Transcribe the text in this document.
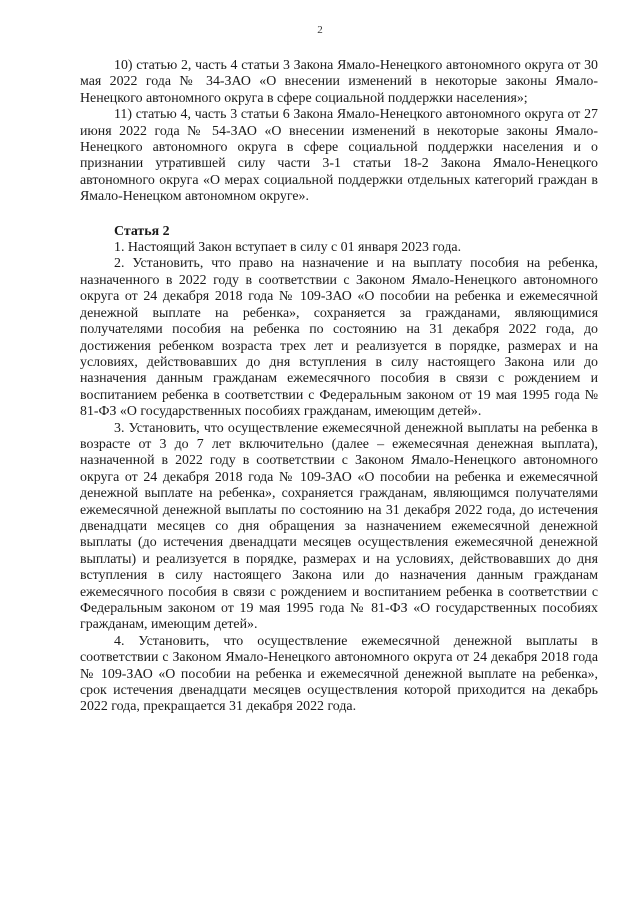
2

10) статью 2, часть 4 статьи 3 Закона Ямало-Ненецкого автономного округа от 30 мая 2022 года № 34-ЗАО «О внесении изменений в некоторые законы Ямало-Ненецкого автономного округа в сфере социальной поддержки населения»;

11) статью 4, часть 3 статьи 6 Закона Ямало-Ненецкого автономного округа от 27 июня 2022 года № 54-ЗАО «О внесении изменений в некоторые законы Ямало-Ненецкого автономного округа в сфере социальной поддержки населения и о признании утратившей силу части 3-1 статьи 18-2 Закона Ямало-Ненецкого автономного округа «О мерах социальной поддержки отдельных категорий граждан в Ямало-Ненецком автономном округе».

Статья 2

1. Настоящий Закон вступает в силу с 01 января 2023 года.

2. Установить, что право на назначение и на выплату пособия на ребенка, назначенного в 2022 году в соответствии с Законом Ямало-Ненецкого автономного округа от 24 декабря 2018 года № 109-ЗАО «О пособии на ребенка и ежемесячной денежной выплате на ребенка», сохраняется за гражданами, являющимися получателями пособия на ребенка по состоянию на 31 декабря 2022 года, до достижения ребенком возраста трех лет и реализуется в порядке, размерах и на условиях, действовавших до дня вступления в силу настоящего Закона или до назначения данным гражданам ежемесячного пособия в связи с рождением и воспитанием ребенка в соответствии с Федеральным законом от 19 мая 1995 года № 81-ФЗ «О государственных пособиях гражданам, имеющим детей».

3. Установить, что осуществление ежемесячной денежной выплаты на ребенка в возрасте от 3 до 7 лет включительно (далее – ежемесячная денежная выплата), назначенной в 2022 году в соответствии с Законом Ямало-Ненецкого автономного округа от 24 декабря 2018 года № 109-ЗАО «О пособии на ребенка и ежемесячной денежной выплате на ребенка», сохраняется гражданам, являющимся получателями ежемесячной денежной выплаты по состоянию на 31 декабря 2022 года, до истечения двенадцати месяцев со дня обращения за назначением ежемесячной денежной выплаты (до истечения двенадцати месяцев осуществления ежемесячной денежной выплаты) и реализуется в порядке, размерах и на условиях, действовавших до дня вступления в силу настоящего Закона или до назначения данным гражданам ежемесячного пособия в связи с рождением и воспитанием ребенка в соответствии с Федеральным законом от 19 мая 1995 года № 81-ФЗ «О государственных пособиях гражданам, имеющим детей».

4. Установить, что осуществление ежемесячной денежной выплаты в соответствии с Законом Ямало-Ненецкого автономного округа от 24 декабря 2018 года № 109-ЗАО «О пособии на ребенка и ежемесячной денежной выплате на ребенка», срок истечения двенадцати месяцев осуществления которой приходится на декабрь 2022 года, прекращается 31 декабря 2022 года.
